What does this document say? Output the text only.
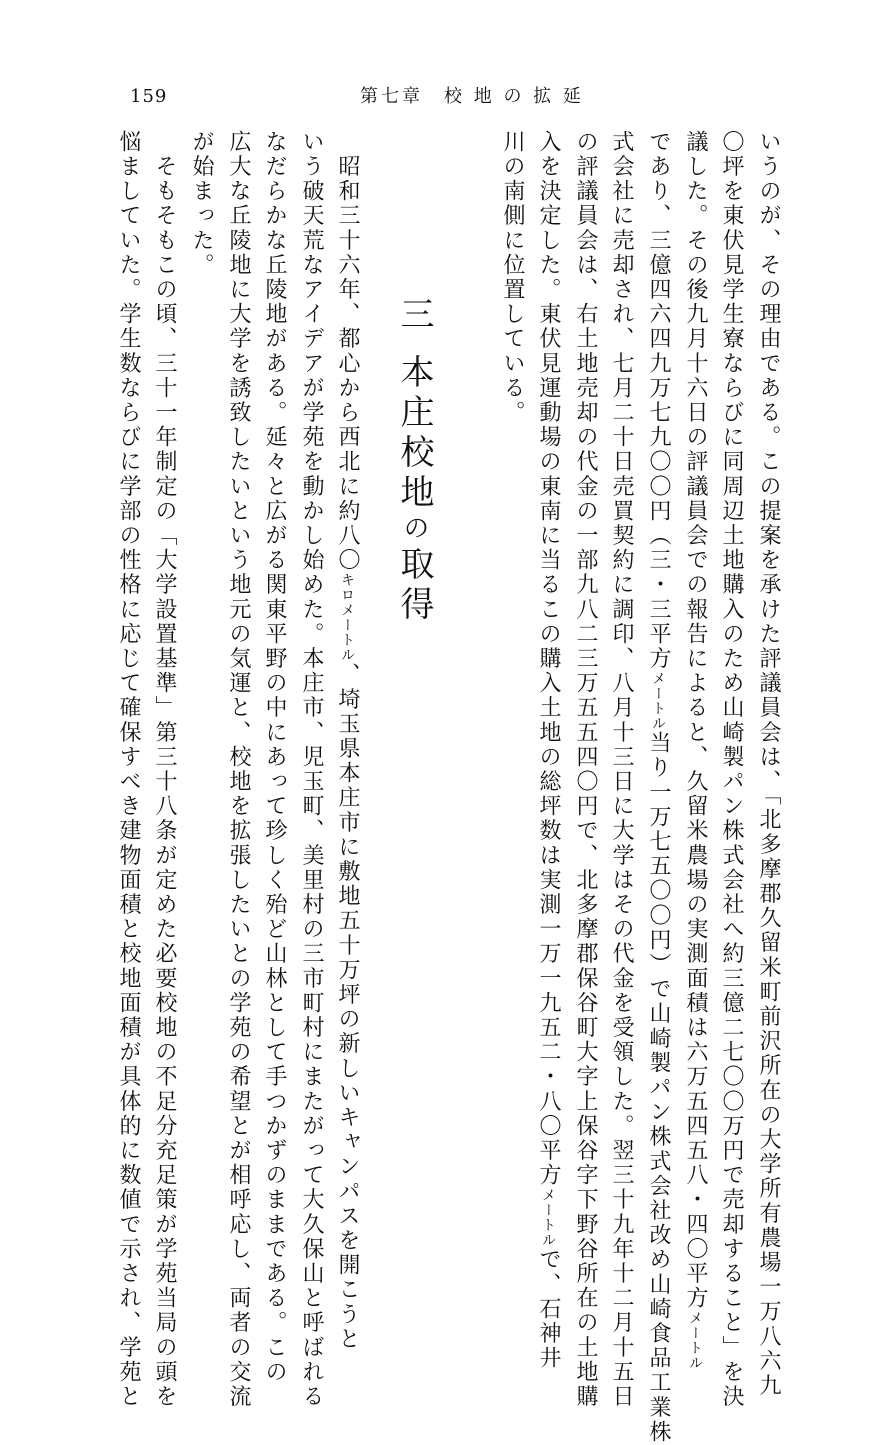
159	第七章　校 地 の 拡 延
三本庄校地の取得	いうのが、その理由である。この提案を承けた評議員会は、「北多摩郡久留米町前沢所在の大学所有農場一万八六九
〇坪を東伏見学生寮ならびに同周辺土地購入のため山崎製パン株式会社へ約三億二七〇〇万円で売却すること」を決
議した。その後九月十六日の評議員会での報告によると、久留米農場の実測面積は六万五四五八・四〇平方メートル
であり、三億四六四九万七九〇〇円（三・三平方メートル当り一万七五〇〇円）で山崎製パン株式会社改め山崎食品工業株
式会社に売却され、七月二十日売買契約に調印、八月十三日に大学はその代金を受領した。翌三十九年十二月十五日
の評議員会は、右土地売却の代金の一部九八二三万五五四〇円で、北多摩郡保谷町大字上保谷字下野谷所在の土地購
入を決定した。東伏見運動場の東南に当るこの購入土地の総坪数は実測一万一九五二・八〇平方メートルで、石神井
川の南側に位置している。
　昭和三十六年、都心から西北に約八〇キロメートル、埼玉県本庄市に敷地五十万坪の新しいキャンパスを開こうと
いう破天荒なアイデアが学苑を動かし始めた。本庄市、児玉町、美里村の三市町村にまたがって大久保山と呼ばれる
なだらかな丘陵地がある。延々と広がる関東平野の中にあって珍しく殆ど山林として手つかずのままである。この
広大な丘陵地に大学を誘致したいという地元の気運と、校地を拡張したいとの学苑の希望とが相呼応し、両者の交流
が始まった。
　そもそもこの頃、三十一年制定の「大学設置基準」第三十八条が定めた必要校地の不足分充足策が学苑当局の頭を
悩ましていた。学生数ならびに学部の性格に応じて確保すべき建物面積と校地面積が具体的に数値で示され、学苑と
